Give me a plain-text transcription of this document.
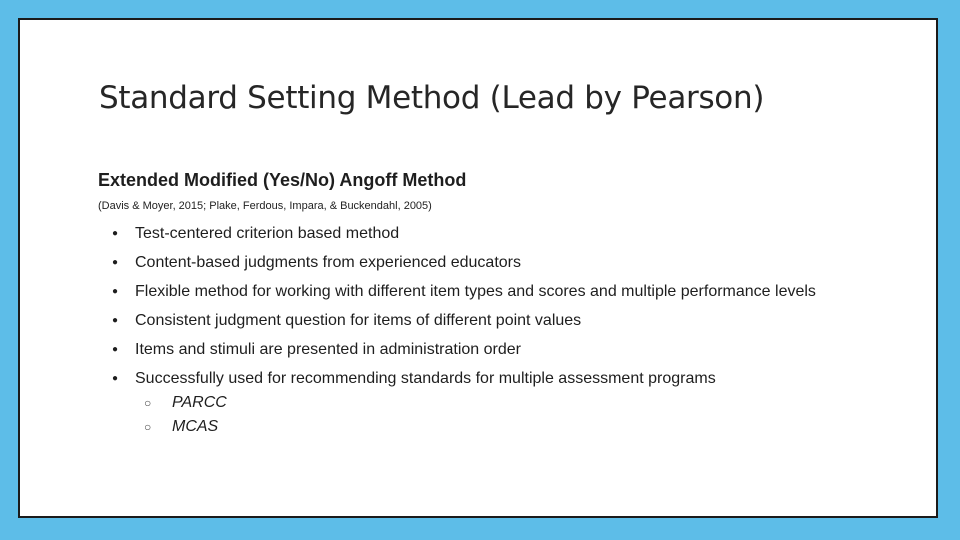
Standard Setting Method (Lead by Pearson)
Extended Modified (Yes/No) Angoff Method
(Davis & Moyer, 2015; Plake, Ferdous, Impara, & Buckendahl, 2005)
● Test-centered criterion based method
● Content-based judgments from experienced educators
● Flexible method for working with different item types and scores and multiple performance levels
● Consistent judgment question for items of different point values
● Items and stimuli are presented in administration order
● Successfully used for recommending standards for multiple assessment programs
○ PARCC
○ MCAS
